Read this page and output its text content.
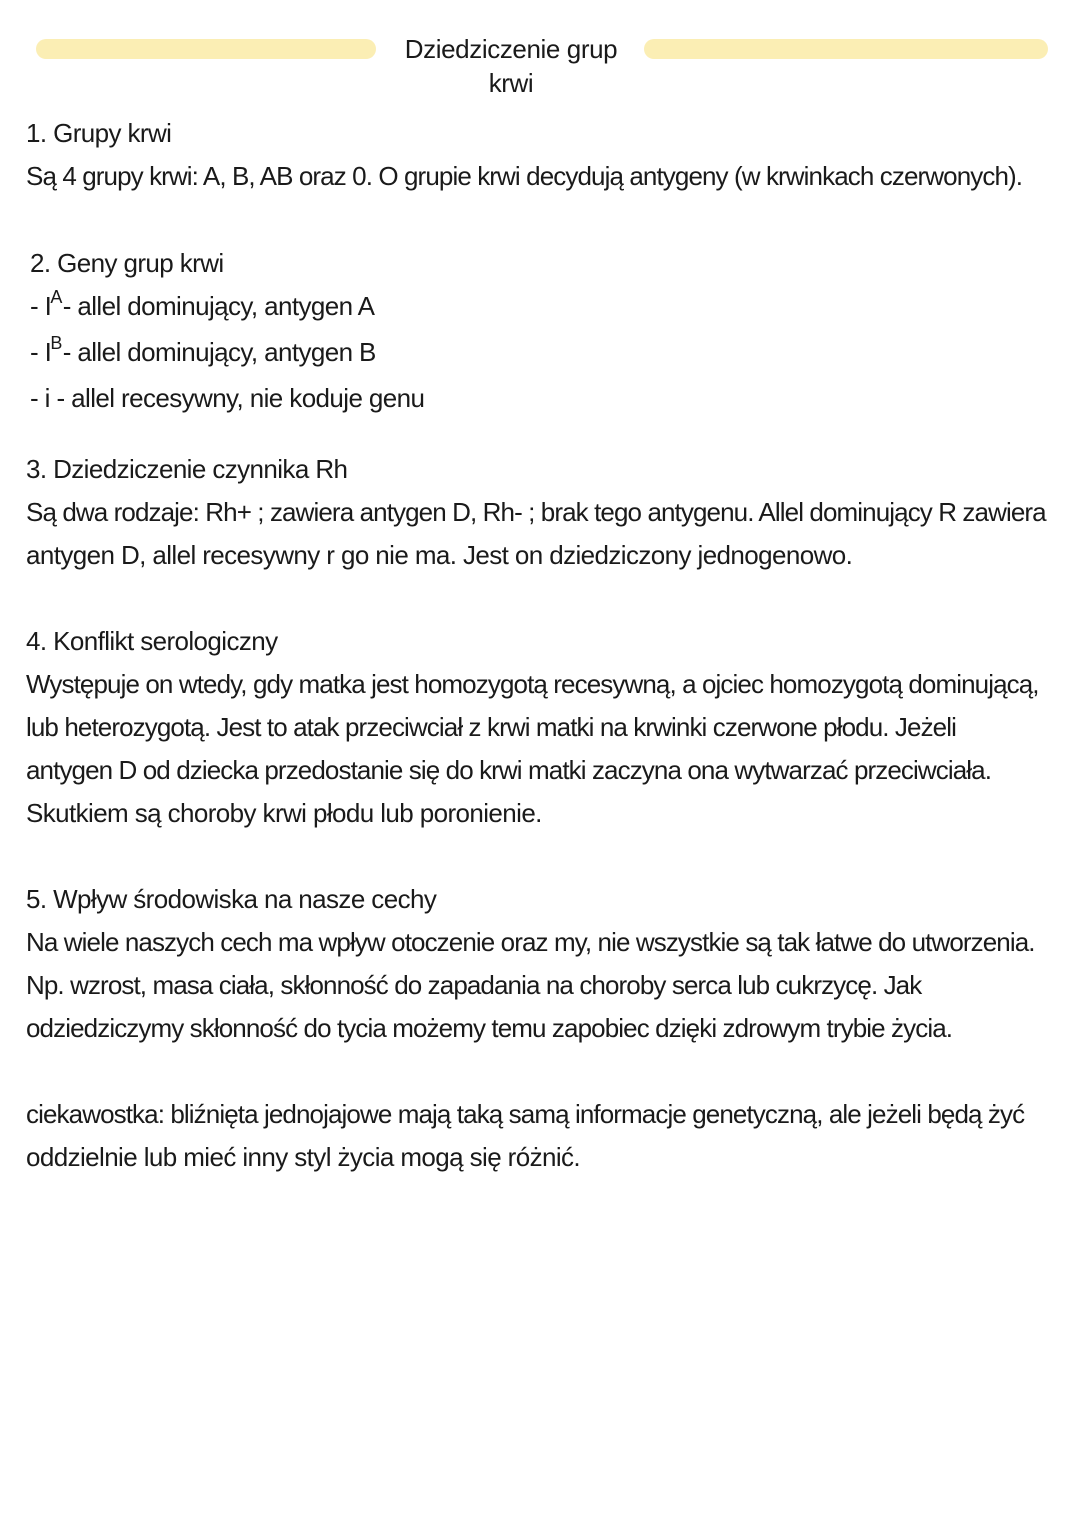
Dziedziczenie grup krwi

1. Grupy krwi

Są 4 grupy krwi: A, B, AB oraz 0. O grupie krwi decydują antygeny (w krwinkach czerwonych).

2. Geny grup krwi

- $I^A-$ allel dominujący, antygen A

- $I^B-$ allel dominujący, antygen B

- i - allel recesywny, nie koduje genu

3. Dziedziczenie czynnika Rh

Są dwa rodzaje: Rh+ ; zawiera antygen D, Rh- ; brak tego antygenu. Allel dominujący R zawiera

antygen D, allel recesywny r go nie ma. Jest on dziedziczony jednogenowo.

4. Konflikt serologiczny

Występuje on wtedy, gdy matka jest homozygotą recesywną, a ojciec homozygotą dominującą,

lub heterozygotą. Jest to atak przeciwciał z krwi matki na krwinki czerwone płodu. Jeżeli

antygen D od dziecka przedostanie się do krwi matki zaczyna ona wytwarzać przeciwciała.

Skutkiem są choroby krwi płodu lub poronienie.

5. Wpływ środowiska na nasze cechy

Na wiele naszych cech ma wpływ otoczenie oraz my, nie wszystkie są tak łatwe do utworzenia.

Np. wzrost, masa ciała, skłonność do zapadania na choroby serca lub cukrzycę. Jak

odziedziczymy skłonność do tycia możemy temu zapobiec dzięki zdrowym trybie życia.

ciekawostka: bliźnięta jednojajowe mają taką samą informacje genetyczną, ale jeżeli będą żyć

oddzielnie lub mieć inny styl życia mogą się różnić.
